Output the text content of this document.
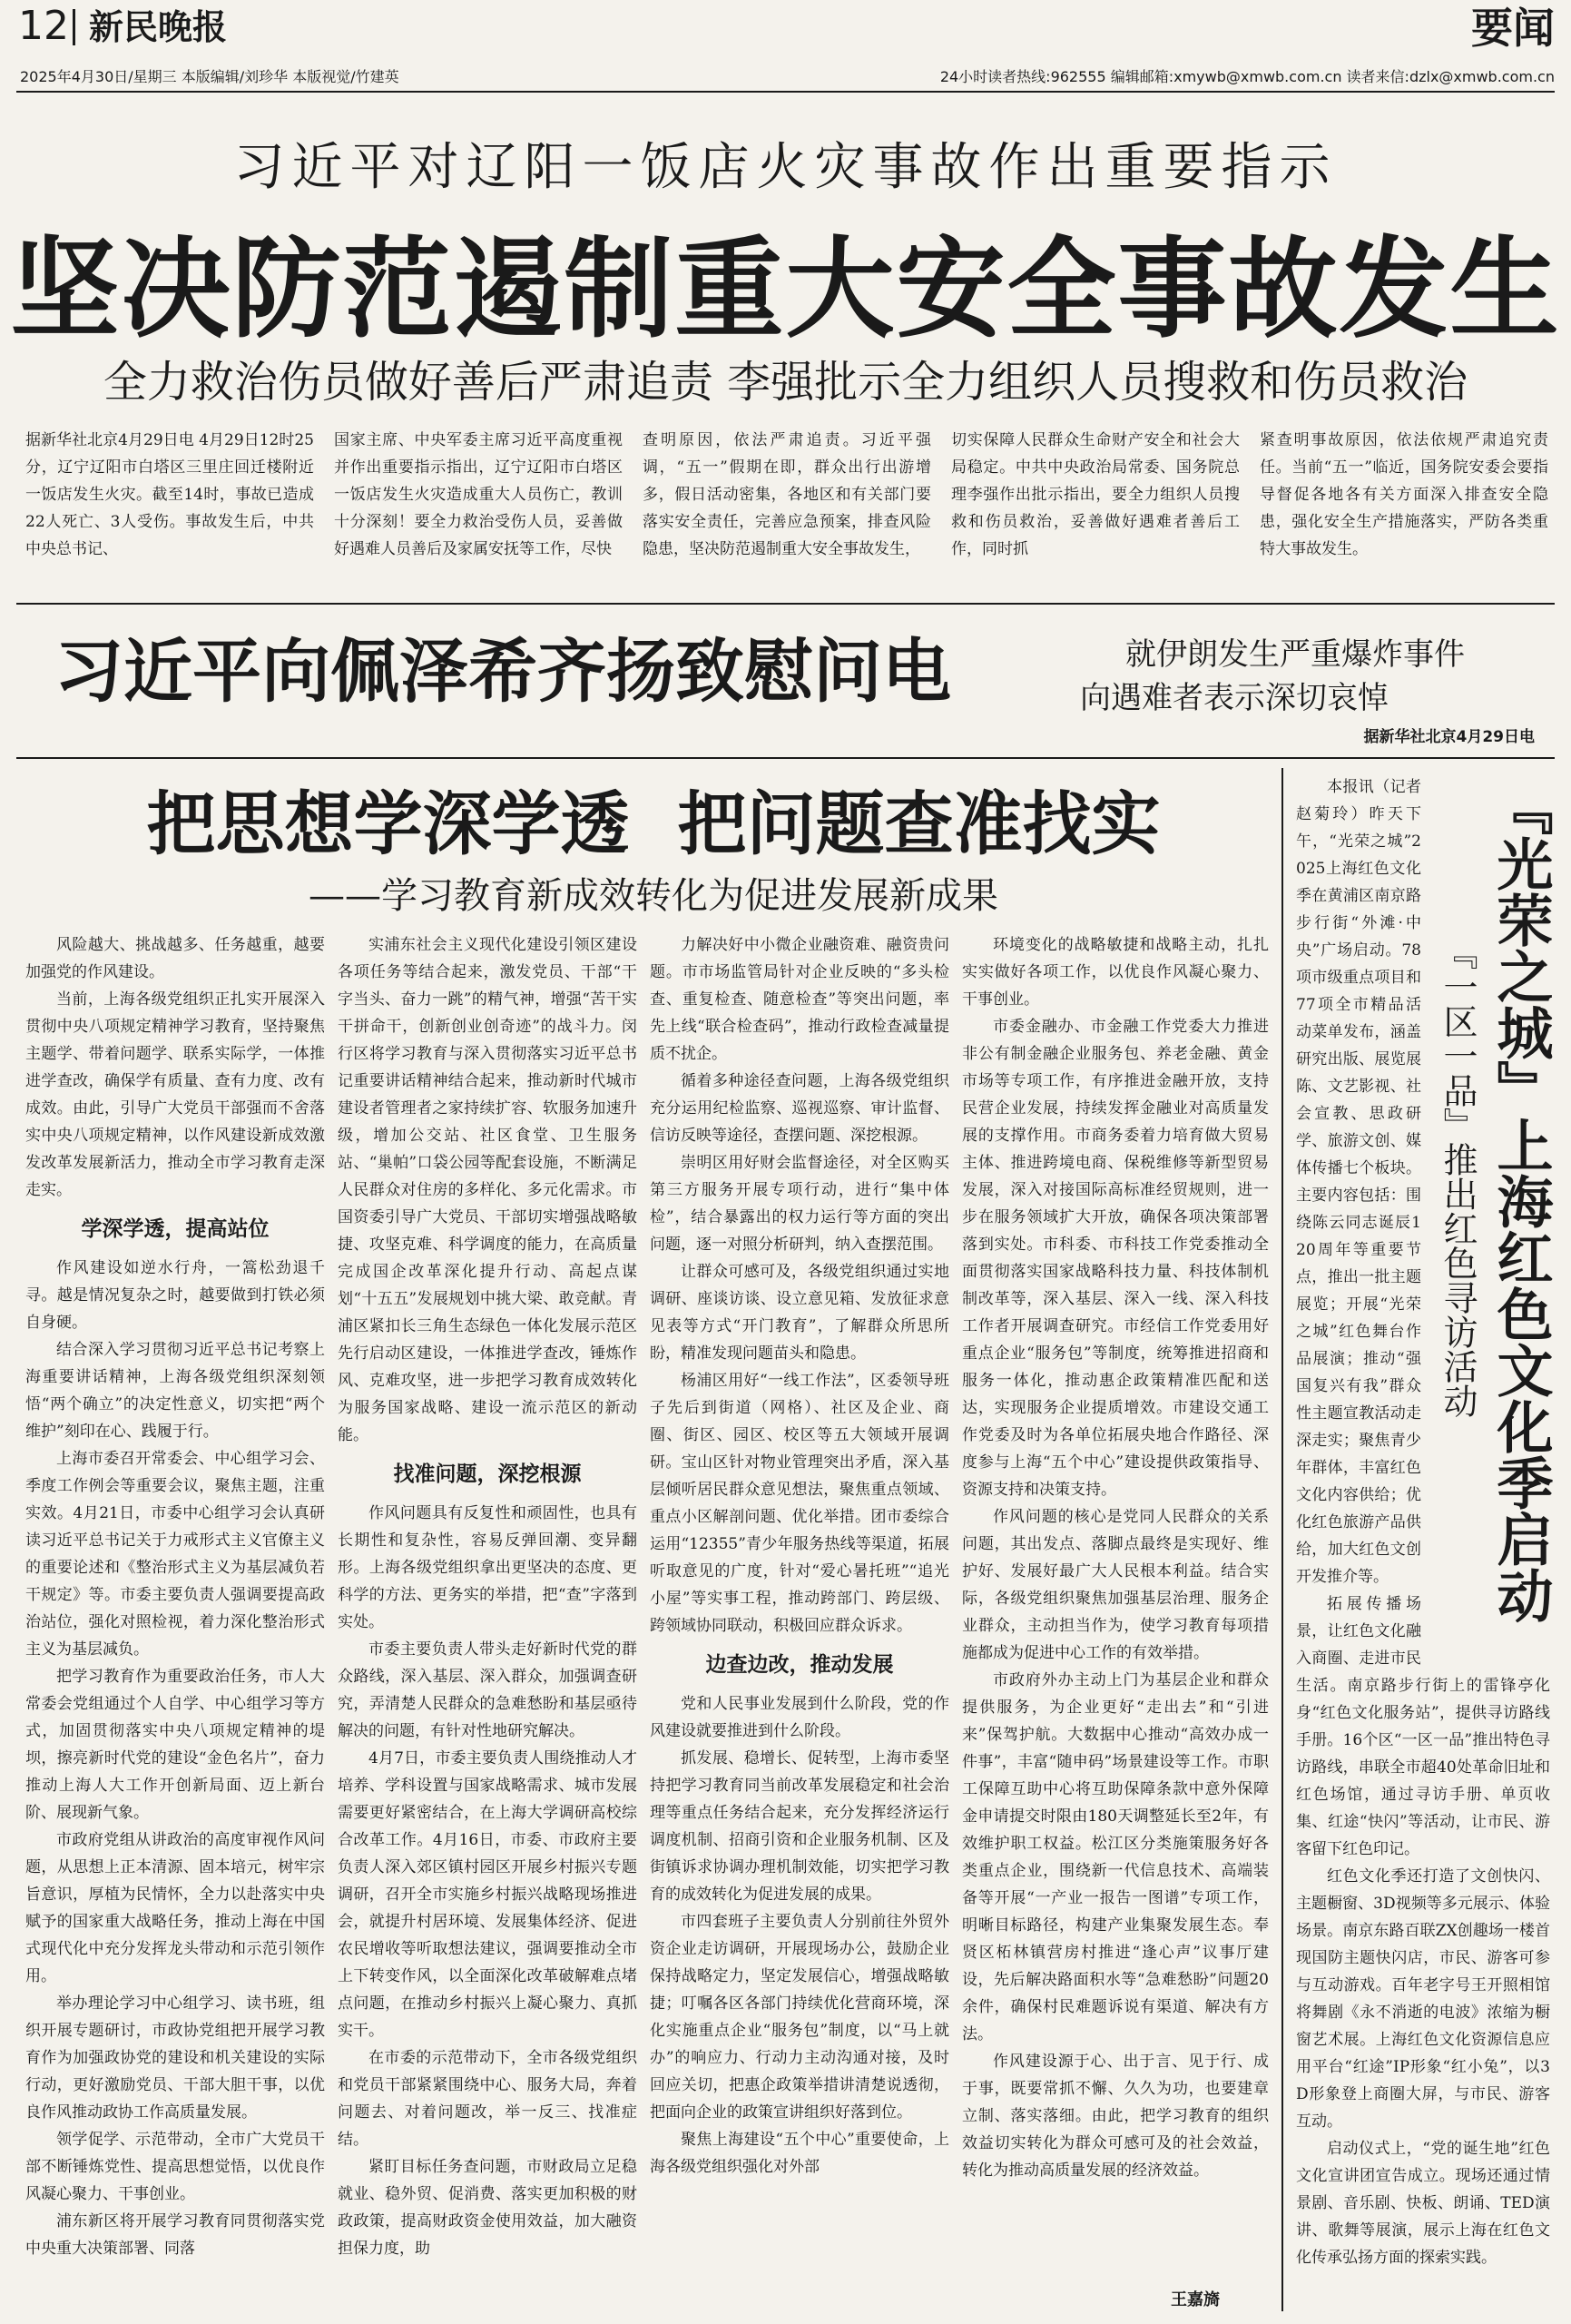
12 新民晚报	要闻
2025年4月30日/星期三 本版编辑/刘珍华 本版视觉/竹建英	24小时读者热线:962555 编辑邮箱:xmywb@xmwb.com.cn 读者来信:dzlx@xmwb.com.cn
习近平对辽阳一饭店火灾事故作出重要指示
坚决防范遏制重大安全事故发生
全力救治伤员做好善后严肃追责 李强批示全力组织人员搜救和伤员救治
据新华社北京4月29日电 4月29日12时25分，辽宁辽阳市白塔区三里庄回迁楼附近一饭店发生火灾。截至14时，事故已造成22人死亡、3人受伤。事故发生后，中共中央总书记、
国家主席、中央军委主席习近平高度重视并作出重要指示指出，辽宁辽阳市白塔区一饭店发生火灾造成重大人员伤亡，教训十分深刻！要全力救治受伤人员，妥善做好遇难人员善后及家属安抚等工作，尽快
查明原因，依法严肃追责。习近平强调，“五一”假期在即，群众出行出游增多，假日活动密集，各地区和有关部门要落实安全责任，完善应急预案，排查风险隐患，坚决防范遏制重大安全事故发生，
切实保障人民群众生命财产安全和社会大局稳定。中共中央政治局常委、国务院总理李强作出批示指出，要全力组织人员搜救和伤员救治，妥善做好遇难者善后工作，同时抓
紧查明事故原因，依法依规严肃追究责任。当前“五一”临近，国务院安委会要指导督促各地各有关方面深入排查安全隐患，强化安全生产措施落实，严防各类重特大事故发生。
习近平向佩泽希齐扬致慰问电	就伊朗发生严重爆炸事件
向遇难者表示深切哀悼
据新华社北京4月29日电
把思想学深学透  把问题查准找实
——学习教育新成效转化为促进发展新成果

风险越大、挑战越多、任务越重，越要加强党的作风建设。

当前，上海各级党组织正扎实开展深入贯彻中央八项规定精神学习教育，坚持聚焦主题学、带着问题学、联系实际学，一体推进学查改，确保学有质量、查有力度、改有成效。由此，引导广大党员干部强而不舍落实中央八项规定精神，以作风建设新成效激发改革发展新活力，推动全市学习教育走深走实。

学深学透，提高站位

作风建设如逆水行舟，一篙松劲退千寻。越是情况复杂之时，越要做到打铁必须自身硬。

结合深入学习贯彻习近平总书记考察上海重要讲话精神，上海各级党组织深刻领悟“两个确立”的决定性意义，切实把“两个维护”刻印在心、践履于行。

上海市委召开常委会、中心组学习会、季度工作例会等重要会议，聚焦主题，注重实效。4月21日，市委中心组学习会认真研读习近平总书记关于力戒形式主义官僚主义的重要论述和《整治形式主义为基层减负若干规定》等。市委主要负责人强调要提高政治站位，强化对照检视，着力深化整治形式主义为基层减负。

把学习教育作为重要政治任务，市人大常委会党组通过个人自学、中心组学习等方式，加固贯彻落实中央八项规定精神的堤坝，擦亮新时代党的建设“金色名片”，奋力推动上海人大工作开创新局面、迈上新台阶、展现新气象。

市政府党组从讲政治的高度审视作风问题，从思想上正本清源、固本培元，树牢宗旨意识，厚植为民情怀，全力以赴落实中央赋予的国家重大战略任务，推动上海在中国式现代化中充分发挥龙头带动和示范引领作用。

举办理论学习中心组学习、读书班，组织开展专题研讨，市政协党组把开展学习教育作为加强政协党的建设和机关建设的实际行动，更好激励党员、干部大胆干事，以优良作风推动政协工作高质量发展。

领学促学、示范带动，全市广大党员干部不断锤炼党性、提高思想觉悟，以优良作风凝心聚力、干事创业。

浦东新区将开展学习教育同贯彻落实党中央重大决策部署、同落

实浦东社会主义现代化建设引领区建设各项任务等结合起来，激发党员、干部“干字当头、奋力一跳”的精气神，增强“苦干实干拼命干，创新创业创奇迹”的战斗力。闵行区将学习教育与深入贯彻落实习近平总书记重要讲话精神结合起来，推动新时代城市建设者管理者之家持续扩容、软服务加速升级，增加公交站、社区食堂、卫生服务站、“巢帕”口袋公园等配套设施，不断满足人民群众对住房的多样化、多元化需求。市国资委引导广大党员、干部切实增强战略敏捷、攻坚克难、科学调度的能力，在高质量完成国企改革深化提升行动、高起点谋划“十五五”发展规划中挑大梁、敢竞献。青浦区紧扣长三角生态绿色一体化发展示范区先行启动区建设，一体推进学查改，锤炼作风、克难攻坚，进一步把学习教育成效转化为服务国家战略、建设一流示范区的新动能。

找准问题，深挖根源

作风问题具有反复性和顽固性，也具有长期性和复杂性，容易反弹回潮、变异翻形。上海各级党组织拿出更坚决的态度、更科学的方法、更务实的举措，把“查”字落到实处。

市委主要负责人带头走好新时代党的群众路线，深入基层、深入群众，加强调查研究，弄清楚人民群众的急难愁盼和基层亟待解决的问题，有针对性地研究解决。

4月7日，市委主要负责人围绕推动人才培养、学科设置与国家战略需求、城市发展需要更好紧密结合，在上海大学调研高校综合改革工作。4月16日，市委、市政府主要负责人深入郊区镇村园区开展乡村振兴专题调研，召开全市实施乡村振兴战略现场推进会，就提升村居环境、发展集体经济、促进农民增收等听取想法建议，强调要推动全市上下转变作风，以全面深化改革破解难点堵点问题，在推动乡村振兴上凝心聚力、真抓实干。

在市委的示范带动下，全市各级党组织和党员干部紧紧围绕中心、服务大局，奔着问题去、对着问题改，举一反三、找准症结。

紧盯目标任务查问题，市财政局立足稳就业、稳外贸、促消费、落实更加积极的财政政策，提高财政资金使用效益，加大融资担保力度，助

力解决好中小微企业融资难、融资贵问题。市市场监管局针对企业反映的“多头检查、重复检查、随意检查”等突出问题，率先上线“联合检查码”，推动行政检查减量提质不扰企。

循着多种途径查问题，上海各级党组织充分运用纪检监察、巡视巡察、审计监督、信访反映等途径，查摆问题、深挖根源。

崇明区用好财会监督途径，对全区购买第三方服务开展专项行动，进行“集中体检”，结合暴露出的权力运行等方面的突出问题，逐一对照分析研判，纳入查摆范围。

让群众可感可及，各级党组织通过实地调研、座谈访谈、设立意见箱、发放征求意见表等方式“开门教育”，了解群众所思所盼，精准发现问题苗头和隐患。

杨浦区用好“一线工作法”，区委领导班子先后到街道（网格）、社区及企业、商圈、街区、园区、校区等五大领域开展调研。宝山区针对物业管理突出矛盾，深入基层倾听居民群众意见想法，聚焦重点领域、重点小区解剖问题、优化举措。团市委综合运用“12355”青少年服务热线等渠道，拓展听取意见的广度，针对“爱心暑托班”“追光小屋”等实事工程，推动跨部门、跨层级、跨领域协同联动，积极回应群众诉求。

边查边改，推动发展

党和人民事业发展到什么阶段，党的作风建设就要推进到什么阶段。

抓发展、稳增长、促转型，上海市委坚持把学习教育同当前改革发展稳定和社会治理等重点任务结合起来，充分发挥经济运行调度机制、招商引资和企业服务机制、区及街镇诉求协调办理机制效能，切实把学习教育的成效转化为促进发展的成果。

市四套班子主要负责人分别前往外贸外资企业走访调研，开展现场办公，鼓励企业保持战略定力，坚定发展信心，增强战略敏捷；叮嘱各区各部门持续优化营商环境，深化实施重点企业“服务包”制度，以“马上就办”的响应力、行动力主动沟通对接，及时回应关切，把惠企政策举措讲清楚说透彻，把面向企业的政策宣讲组织好落到位。

聚焦上海建设“五个中心”重要使命，上海各级党组织强化对外部

环境变化的战略敏捷和战略主动，扎扎实实做好各项工作，以优良作风凝心聚力、干事创业。

市委金融办、市金融工作党委大力推进非公有制金融企业服务包、养老金融、黄金市场等专项工作，有序推进金融开放，支持民营企业发展，持续发挥金融业对高质量发展的支撑作用。市商务委着力培育做大贸易主体、推进跨境电商、保税维修等新型贸易发展，深入对接国际高标准经贸规则，进一步在服务领域扩大开放，确保各项决策部署落到实处。市科委、市科技工作党委推动全面贯彻落实国家战略科技力量、科技体制机制改革等，深入基层、深入一线、深入科技工作者开展调查研究。市经信工作党委用好重点企业“服务包”等制度，统筹推进招商和服务一体化，推动惠企政策精准匹配和送达，实现服务企业提质增效。市建设交通工作党委及时为各单位拓展央地合作路径、深度参与上海“五个中心”建设提供政策指导、资源支持和决策支持。

作风问题的核心是党同人民群众的关系问题，其出发点、落脚点最终是实现好、维护好、发展好最广大人民根本利益。结合实际，各级党组织聚焦加强基层治理、服务企业群众，主动担当作为，使学习教育每项措施都成为促进中心工作的有效举措。

市政府外办主动上门为基层企业和群众提供服务，为企业更好“走出去”和“引进来”保驾护航。大数据中心推动“高效办成一件事”，丰富“随申码”场景建设等工作。市职工保障互助中心将互助保障条款中意外保障金申请提交时限由180天调整延长至2年，有效维护职工权益。松江区分类施策服务好各类重点企业，围绕新一代信息技术、高端装备等开展“一产业一报告一图谱”专项工作，明晰目标路径，构建产业集聚发展生态。奉贤区柘林镇营房村推进“逢心声”议事厅建设，先后解决路面积水等“急难愁盼”问题20余件，确保村民难题诉说有渠道、解决有方法。

作风建设源于心、出于言、见于行、成于事，既要常抓不懈、久久为功，也要建章立制、落实落细。由此，把学习教育的组织效益切实转化为群众可感可及的社会效益，转化为推动高质量发展的经济效益。

王嘉旖
『光荣之城』上海红色文化季启动
『一区一品』推出红色寻访活动

本报讯（记者 赵菊玲）昨天下午，“光荣之城”2025上海红色文化季在黄浦区南京路步行街“外滩·中央”广场启动。78项市级重点项目和77项全市精品活动菜单发布，涵盖研究出版、展览展陈、文艺影视、社会宣教、思政研学、旅游文创、媒体传播七个板块。主要内容包括：围绕陈云同志诞辰120周年等重要节点，推出一批主题展览；开展“光荣之城”红色舞台作品展演；推动“强国复兴有我”群众性主题宣教活动走深走实；聚焦青少年群体，丰富红色文化内容供给；优化红色旅游产品供给，加大红色文创开发推介等。

拓展传播场景，让红色文化融入商圈、走进市民生活。南京路步行街上的雷锋亭化身“红色文化服务站”，提供寻访路线手册。16个区“一区一品”推出特色寻访路线，串联全市超40处革命旧址和红色场馆，通过寻访手册、单页收集、红途“快闪”等活动，让市民、游客留下红色印记。

红色文化季还打造了文创快闪、主题橱窗、3D视频等多元展示、体验场景。南京东路百联ZX创趣场一楼首现国防主题快闪店，市民、游客可参与互动游戏。百年老字号王开照相馆将舞剧《永不消逝的电波》浓缩为橱窗艺术展。上海红色文化资源信息应用平台“红途”IP形象“红小兔”，以3D形象登上商圈大屏，与市民、游客互动。

启动仪式上，“党的诞生地”红色文化宣讲团宣告成立。现场还通过情景剧、音乐剧、快板、朗诵、TED演讲、歌舞等展演，展示上海在红色文化传承弘扬方面的探索实践。
